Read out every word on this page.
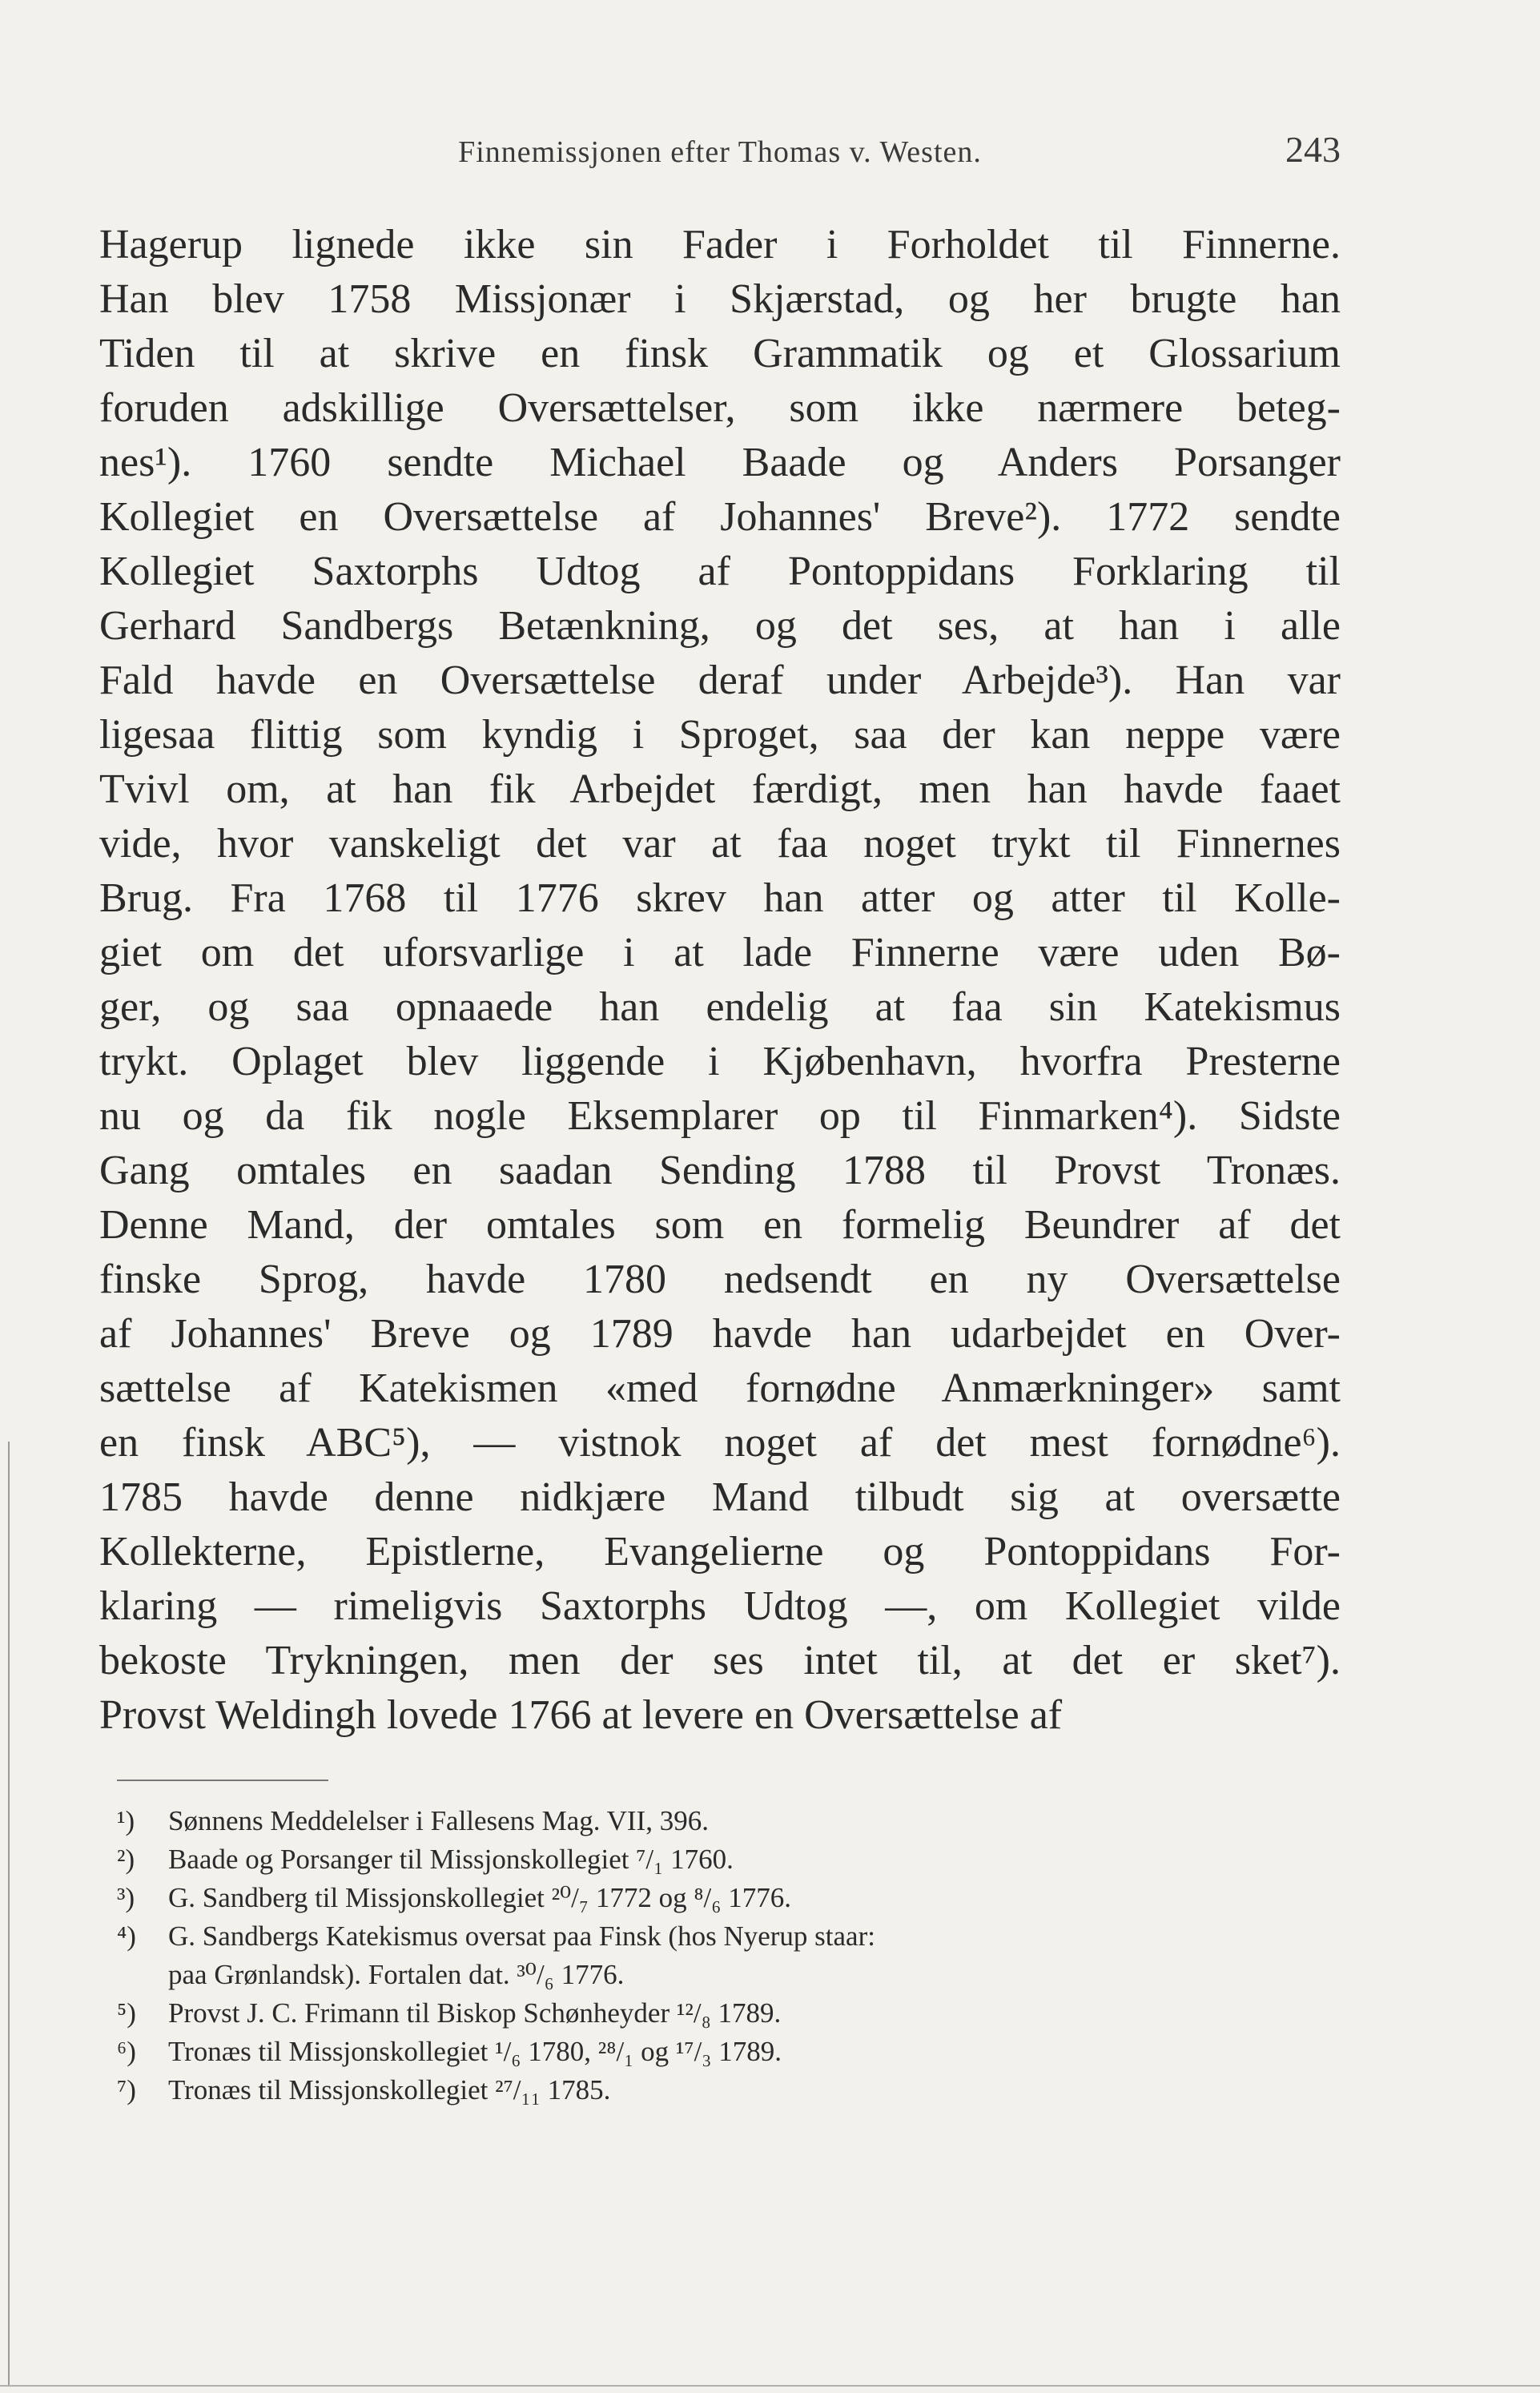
Finnemissjonen efter Thomas v. Westen.	243
Hagerup lignede ikke sin Fader i Forholdet til Finnerne.
Han blev 1758 Missjonær i Skjærstad, og her brugte han
Tiden til at skrive en finsk Grammatik og et Glossarium
foruden adskillige Oversættelser, som ikke nærmere beteg-
nes¹). 1760 sendte Michael Baade og Anders Porsanger
Kollegiet en Oversættelse af Johannes' Breve²). 1772 sendte
Kollegiet Saxtorphs Udtog af Pontoppidans Forklaring til
Gerhard Sandbergs Betænkning, og det ses, at han i alle
Fald havde en Oversættelse deraf under Arbejde³). Han var
ligesaa flittig som kyndig i Sproget, saa der kan neppe være
Tvivl om, at han fik Arbejdet færdigt, men han havde faaet
vide, hvor vanskeligt det var at faa noget trykt til Finnernes
Brug. Fra 1768 til 1776 skrev han atter og atter til Kolle-
giet om det uforsvarlige i at lade Finnerne være uden Bø-
ger, og saa opnaaede han endelig at faa sin Katekismus
trykt. Oplaget blev liggende i Kjøbenhavn, hvorfra Presterne
nu og da fik nogle Eksemplarer op til Finmarken⁴). Sidste
Gang omtales en saadan Sending 1788 til Provst Tronæs.
Denne Mand, der omtales som en formelig Beundrer af det
finske Sprog, havde 1780 nedsendt en ny Oversættelse
af Johannes' Breve og 1789 havde han udarbejdet en Over-
sættelse af Katekismen «med fornødne Anmærkninger» samt
en finsk ABC⁵), — vistnok noget af det mest fornødne⁶).
1785 havde denne nidkjære Mand tilbudt sig at oversætte
Kollekterne, Epistlerne, Evangelierne og Pontoppidans For-
klaring — rimeligvis Saxtorphs Udtog —, om Kollegiet vilde
bekoste Trykningen, men der ses intet til, at det er sket⁷).
Provst Weldingh lovede 1766 at levere en Oversættelse af
¹) Sønnens Meddelelser i Fallesens Mag. VII, 396.
²) Baade og Porsanger til Missjonskollegiet ⁷/₁ 1760.
³) G. Sandberg til Missjonskollegiet ²⁰/₇ 1772 og ⁸/₆ 1776.
⁴) G. Sandbergs Katekismus oversat paa Finsk (hos Nyerup staar:
paa Grønlandsk). Fortalen dat. ³⁰/₆ 1776.
⁵) Provst J. C. Frimann til Biskop Schønheyder ¹²/₈ 1789.
⁶) Tronæs til Missjonskollegiet ¹/₆ 1780, ²⁸/₁ og ¹⁷/₃ 1789.
⁷) Tronæs til Missjonskollegiet ²⁷/₁₁ 1785.
